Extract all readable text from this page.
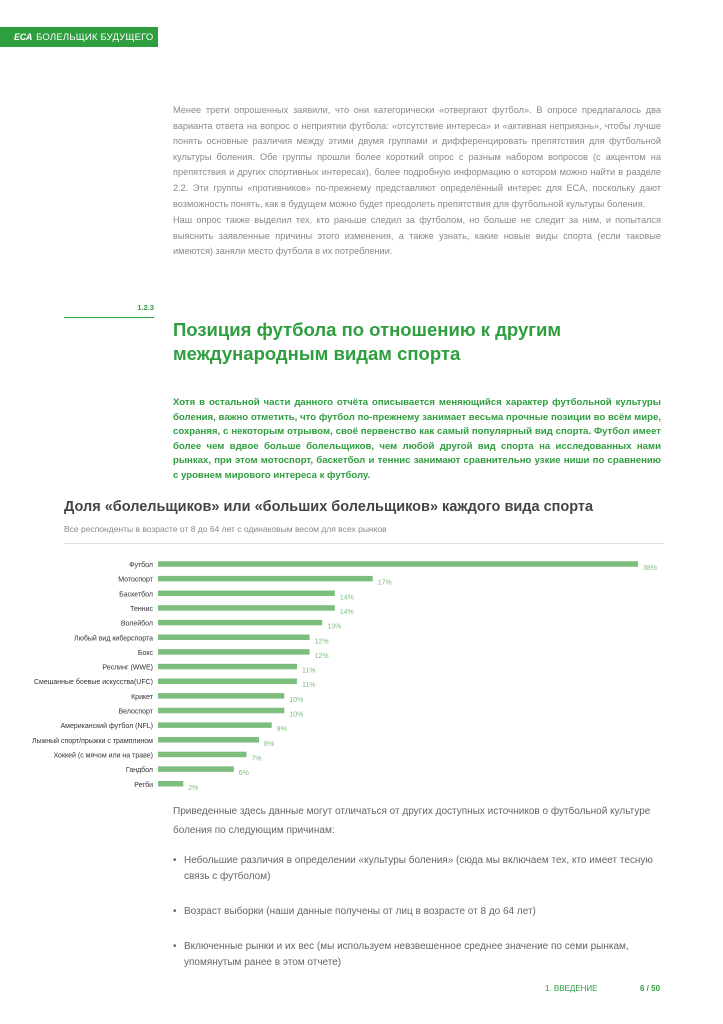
ECA БОЛЕЛЬЩИК БУДУЩЕГО

Менее трети опрошенных заявили, что они категорически «отвергают футбол». В опросе предлагалось два варианта ответа на вопрос о неприятии футбола: «отсутствие интереса» и «активная неприязнь», чтобы лучше понять основные различия между этими двумя группами и дифференцировать препятствия для футбольной культуры боления. Обе группы прошли более короткий опрос с разным набором вопросов (с акцентом на препятствия и других спортивных интересах), более подробную информацию о котором можно найти в разделе 2.2. Эти группы «противников» по-прежнему представляют определённый интерес для ECA, поскольку дают возможность понять, как в будущем можно будет преодолеть препятствия для футбольной культуры боления.

Наш опрос также выделил тех, кто раньше следил за футболом, но больше не следит за ним, и попытался выяснить заявленные причины этого изменения, а также узнать, какие новые виды спорта (если таковые имеются) заняли место футбола в их потреблении.

1.2.3
Позиция футбола по отношению к другим международным видам спорта

Хотя в остальной части данного отчёта описывается меняющийся характер футбольной культуры боления, важно отметить, что футбол по-прежнему занимает весьма прочные позиции во всём мире, сохраняя, с некоторым отрывом, своё первенство как самый популярный вид спорта. Футбол имеет более чем вдвое больше болельщиков, чем любой другой вид спорта на исследованных нами рынках, при этом мотоспорт, баскетбол и теннис занимают сравнительно узкие ниши по сравнению с уровнем мирового интереса к футболу.

Доля «болельщиков» или «больших болельщиков» каждого вида спорта

Все респонденты в возрасте от 8 до 64 лет с одинаковым весом для всех рынков

Футбол	38%
Мотоспорт	17%
Баскетбол	14%
Теннис	14%
Волейбол	13%
Любый вид киберспорта	12%
Бокс	12%
Реслинг (WWE)	11%
Смешанные боевые искусства(UFC)	11%
Крикет	10%
Велоспорт	10%
Американский футбол (NFL)	9%
Лыжный спорт/прыжки с трамплином	8%
Хоккей (с мячом или на траве)	7%
Гандбол	6%
Регби	2%

Приведенные здесь данные могут отличаться от других доступных источников о футбольной культуре боления по следующим причинам:

• Небольшие различия в определении «культуры боления» (сюда мы включаем тех, кто имеет тесную связь с футболом)
• Возраст выборки (наши данные получены от лиц в возрасте от 8 до 64 лет)
• Включенные рынки и их вес (мы используем невзвешенное среднее значение по семи рынкам, упомянутым ранее в этом отчете)
1. ВВЕДЕНИЕ	6 / 50
